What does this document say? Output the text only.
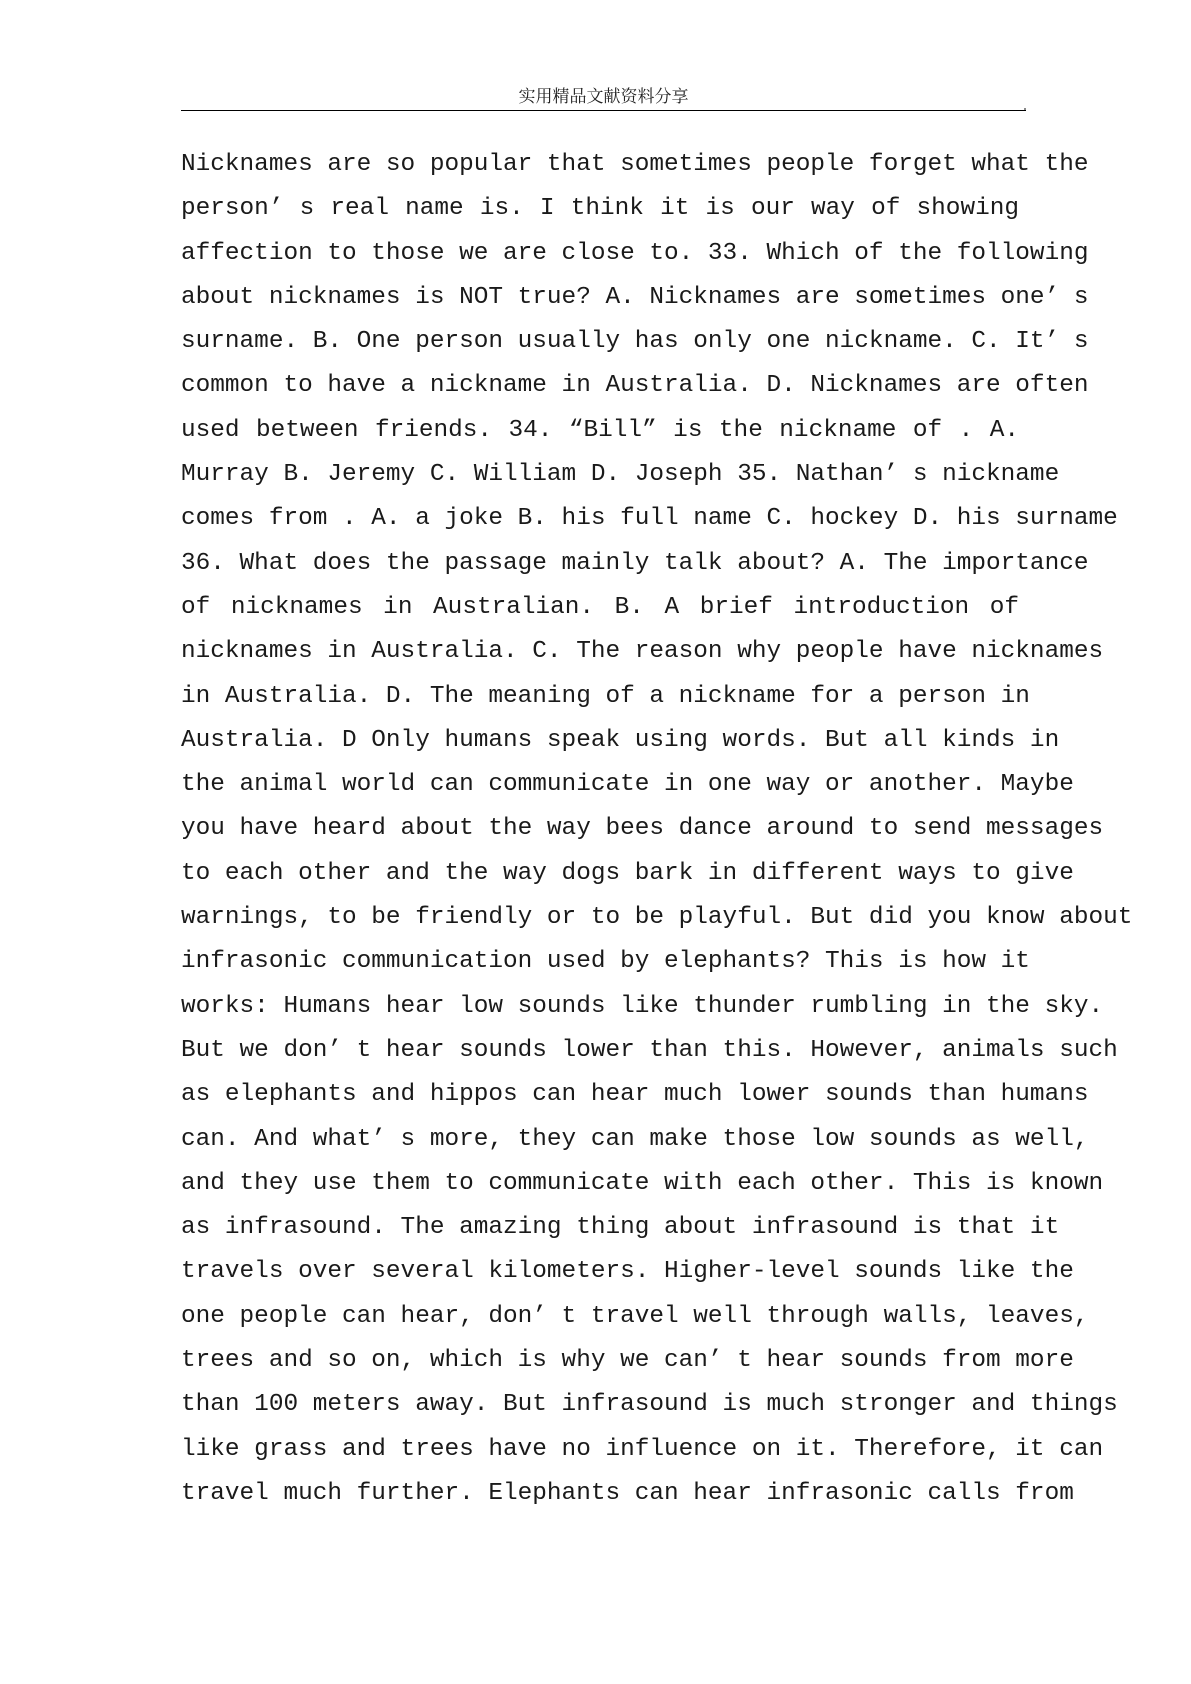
实用精品文献资料分享
Nicknames are so popular that sometimes people forget what the
person’ s real name is. I think it is our way of showing
affection to those we are close to. 33. Which of the following
about nicknames is NOT true? A. Nicknames are sometimes one’ s
surname. B. One person usually has only one nickname. C. It’ s
common to have a nickname in Australia. D. Nicknames are often
used between friends. 34. “Bill” is the nickname of . A.
Murray B. Jeremy C. William D. Joseph 35. Nathan’ s nickname
comes from . A. a joke B. his full name C. hockey D. his surname
36. What does the passage mainly talk about? A. The importance
of nicknames in Australian. B. A brief introduction of
nicknames in Australia. C. The reason why people have nicknames
in Australia. D. The meaning of a nickname for a person in
Australia. D Only humans speak using words. But all kinds in
the animal world can communicate in one way or another. Maybe
you have heard about the way bees dance around to send messages
to each other and the way dogs bark in different ways to give
warnings, to be friendly or to be playful. But did you know about
infrasonic communication used by elephants? This is how it
works: Humans hear low sounds like thunder rumbling in the sky.
But we don’ t hear sounds lower than this. However, animals such
as elephants and hippos can hear much lower sounds than humans
can. And what’ s more, they can make those low sounds as well,
and they use them to communicate with each other. This is known
as infrasound. The amazing thing about infrasound is that it
travels over several kilometers. Higher-level sounds like the
one people can hear, don’ t travel well through walls, leaves,
trees and so on, which is why we can’ t hear sounds from more
than 100 meters away. But infrasound is much stronger and things
like grass and trees have no influence on it. Therefore, it can
travel much further. Elephants can hear infrasonic calls from
